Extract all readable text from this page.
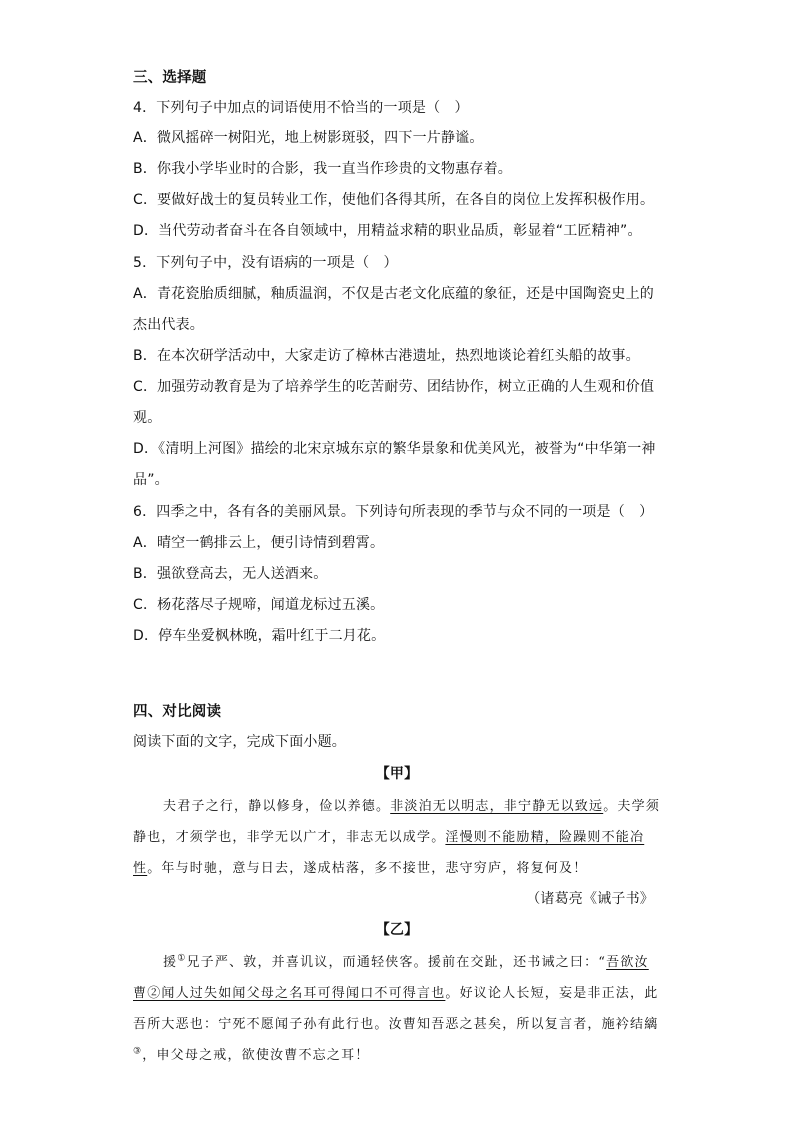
三、选择题
4．下列句子中加点的词语使用不恰当的一项是（　）
A．微风摇碎一树阳光，地上树影斑驳，四下一片静谧。
B．你我小学毕业时的合影，我一直当作珍贵的文物惠存着。
C．要做好战士的复员转业工作，使他们各得其所，在各自的岗位上发挥积极作用。
D．当代劳动者奋斗在各自领域中，用精益求精的职业品质，彰显着“工匠精神”。
5．下列句子中，没有语病的一项是（　）
A．青花瓷胎质细腻，釉质温润，不仅是古老文化底蕴的象征，还是中国陶瓷史上的
杰出代表。
B．在本次研学活动中，大家走访了樟林古港遗址，热烈地谈论着红头船的故事。
C．加强劳动教育是为了培养学生的吃苦耐劳、团结协作，树立正确的人生观和价值
观。
D．《清明上河图》描绘的北宋京城东京的繁华景象和优美风光，被誉为“中华第一神
品”。
6．四季之中，各有各的美丽风景。下列诗句所表现的季节与众不同的一项是（　）
A．晴空一鹤排云上，便引诗情到碧霄。
B．强欲登高去，无人送酒来。
C．杨花落尽子规啼，闻道龙标过五溪。
D．停车坐爱枫林晚，霜叶红于二月花。
四、对比阅读
阅读下面的文字，完成下面小题。
【甲】
夫君子之行，静以修身，俭以养德。非淡泊无以明志，非宁静无以致远。夫学须
静也，才须学也，非学无以广才，非志无以成学。淫慢则不能励精，险躁则不能冶
性。年与时驰，意与日去，遂成枯落，多不接世，悲守穷庐，将复何及！
（诸葛亮《诫子书》
【乙】
援①兄子严、敦，并喜讥议，而通轻侠客。援前在交趾，还书诫之曰：“吾欲汝
曹②闻人过失如闻父母之名耳可得闻口不可得言也。好议论人长短，妄是非正法，此
吾所大恶也：宁死不愿闻子孙有此行也。汝曹知吾恶之甚矣，所以复言者，施衿结縭
③，申父母之戒，欲使汝曹不忘之耳！
